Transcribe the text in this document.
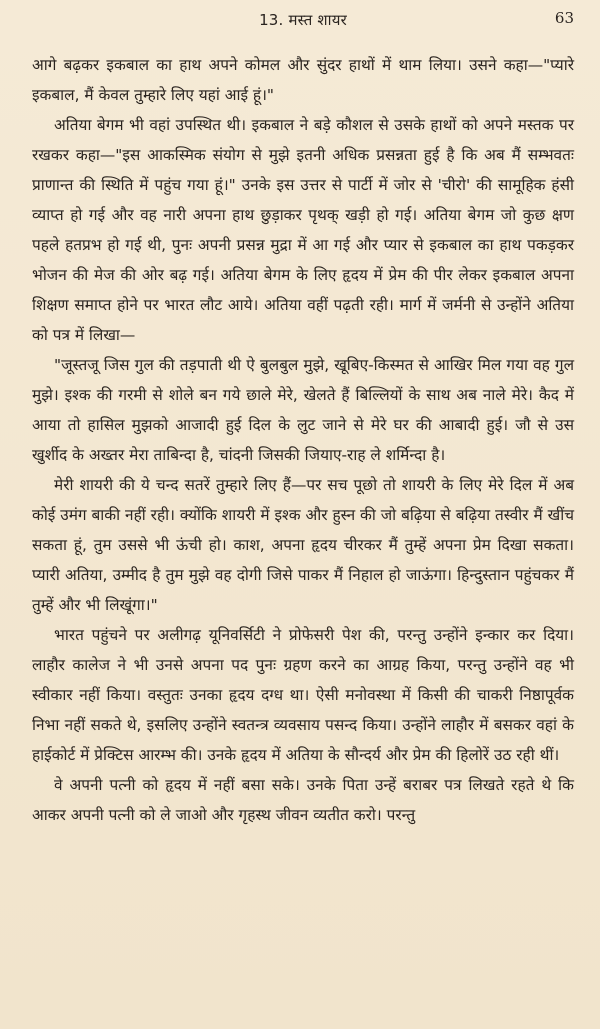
13. मस्त शायर	63

आगे बढ़कर इकबाल का हाथ अपने कोमल और सुंदर हाथों में थाम लिया। उसने कहा—"प्यारे इकबाल, मैं केवल तुम्हारे लिए यहां आई हूं।"

अतिया बेगम भी वहां उपस्थित थी। इकबाल ने बड़े कौशल से उसके हाथों को अपने मस्तक पर रखकर कहा—"इस आकस्मिक संयोग से मुझे इतनी अधिक प्रसन्नता हुई है कि अब मैं सम्भवतः प्राणान्त की स्थिति में पहुंच गया हूं।" उनके इस उत्तर से पार्टी में जोर से 'चीरो' की सामूहिक हंसी व्याप्त हो गई और वह नारी अपना हाथ छुड़ाकर पृथक् खड़ी हो गई। अतिया बेगम जो कुछ क्षण पहले हतप्रभ हो गई थी, पुनः अपनी प्रसन्न मुद्रा में आ गई और प्यार से इकबाल का हाथ पकड़कर भोजन की मेज की ओर बढ़ गई। अतिया बेगम के लिए हृदय में प्रेम की पीर लेकर इकबाल अपना शिक्षण समाप्त होने पर भारत लौट आये। अतिया वहीं पढ़ती रही। मार्ग में जर्मनी से उन्होंने अतिया को पत्र में लिखा—

"जूस्तजू जिस गुल की तड़पाती थी ऐ बुलबुल मुझे, खूबिए-किस्मत से आखिर मिल गया वह गुल मुझे। इश्क की गरमी से शोले बन गये छाले मेरे, खेलते हैं बिल्लियों के साथ अब नाले मेरे। कैद में आया तो हासिल मुझको आजादी हुई दिल के लुट जाने से मेरे घर की आबादी हुई। जौ से उस खुर्शीद के अख्तर मेरा ताबिन्दा है, चांदनी जिसकी जियाए-राह ले शर्मिन्दा है।

मेरी शायरी की ये चन्द सतरें तुम्हारे लिए हैं—पर सच पूछो तो शायरी के लिए मेरे दिल में अब कोई उमंग बाकी नहीं रही। क्योंकि शायरी में इश्क और हुस्न की जो बढ़िया से बढ़िया तस्वीर मैं खींच सकता हूं, तुम उससे भी ऊंची हो। काश, अपना हृदय चीरकर मैं तुम्हें अपना प्रेम दिखा सकता। प्यारी अतिया, उम्मीद है तुम मुझे वह दोगी जिसे पाकर मैं निहाल हो जाऊंगा। हिन्दुस्तान पहुंचकर मैं तुम्हें और भी लिखूंगा।"

भारत पहुंचने पर अलीगढ़ यूनिवर्सिटी ने प्रोफेसरी पेश की, परन्तु उन्होंने इन्कार कर दिया। लाहौर कालेज ने भी उनसे अपना पद पुनः ग्रहण करने का आग्रह किया, परन्तु उन्होंने वह भी स्वीकार नहीं किया। वस्तुतः उनका हृदय दग्ध था। ऐसी मनोवस्था में किसी की चाकरी निष्ठापूर्वक निभा नहीं सकते थे, इसलिए उन्होंने स्वतन्त्र व्यवसाय पसन्द किया। उन्होंने लाहौर में बसकर वहां के हाईकोर्ट में प्रेक्टिस आरम्भ की। उनके हृदय में अतिया के सौन्दर्य और प्रेम की हिलोरें उठ रही थीं।

वे अपनी पत्नी को हृदय में नहीं बसा सके। उनके पिता उन्हें बराबर पत्र लिखते रहते थे कि आकर अपनी पत्नी को ले जाओ और गृहस्थ जीवन व्यतीत करो। परन्तु
